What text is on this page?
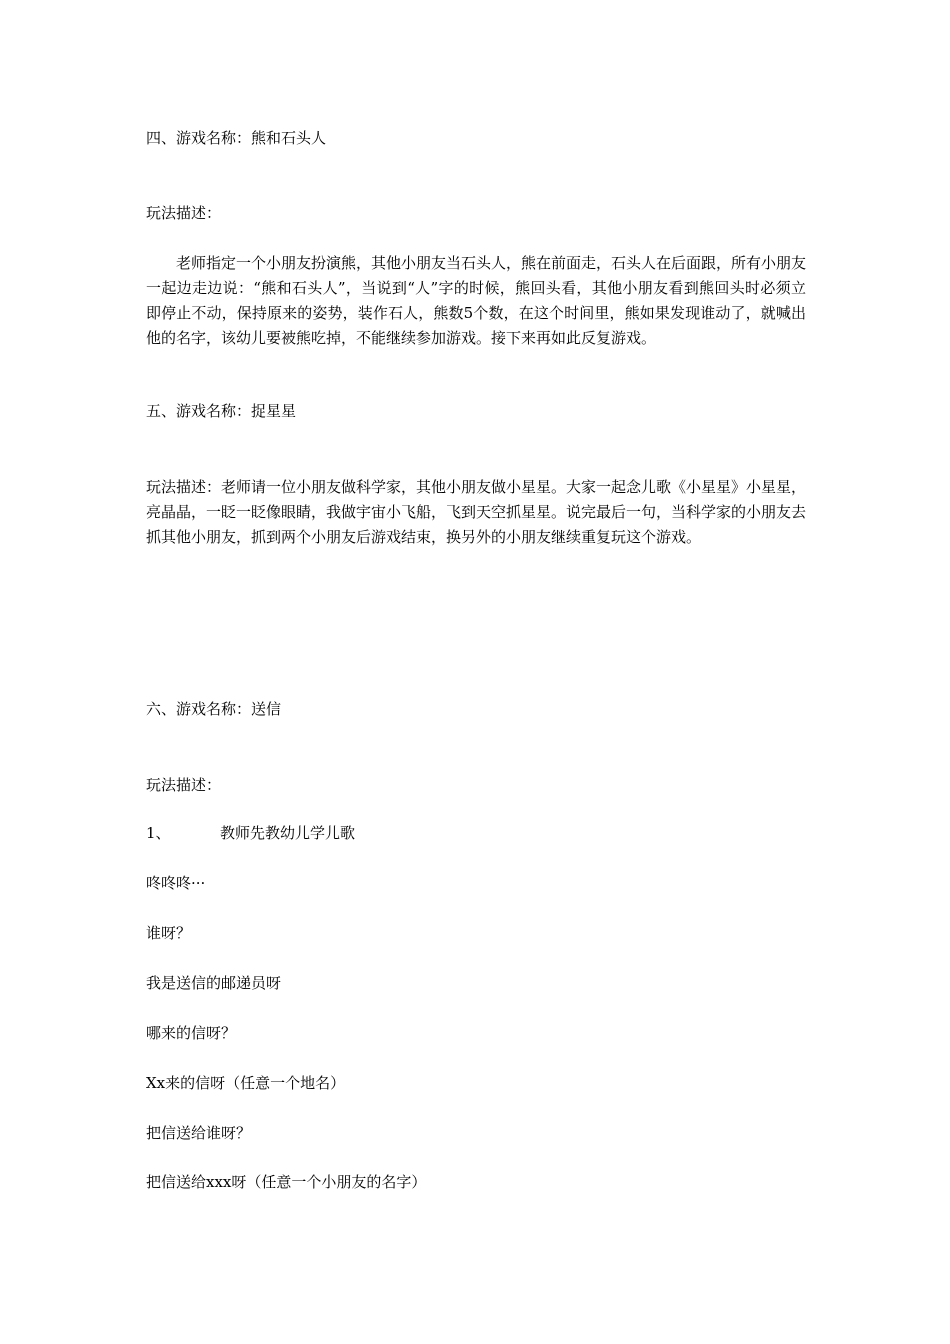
四、游戏名称：熊和石头人
玩法描述：
老师指定一个小朋友扮演熊，其他小朋友当石头人，熊在前面走，石头人在后面跟，所有小朋友一起边走边说：“熊和石头人”，当说到“人”字的时候，熊回头看，其他小朋友看到熊回头时必须立即停止不动，保持原来的姿势，装作石人，熊数5个数，在这个时间里，熊如果发现谁动了，就喊出他的名字，该幼儿要被熊吃掉，不能继续参加游戏。接下来再如此反复游戏。
五、游戏名称：捉星星
玩法描述：老师请一位小朋友做科学家，其他小朋友做小星星。大家一起念儿歌《小星星》小星星，亮晶晶，一眨一眨像眼睛，我做宇宙小飞船，飞到天空抓星星。说完最后一句，当科学家的小朋友去抓其他小朋友，抓到两个小朋友后游戏结束，换另外的小朋友继续重复玩这个游戏。
六、游戏名称：送信
玩法描述：
1、	教师先教幼儿学儿歌
咚咚咚···
谁呀？
我是送信的邮递员呀
哪来的信呀？
Xx来的信呀（任意一个地名）
把信送给谁呀？
把信送给xxx呀（任意一个小朋友的名字）
